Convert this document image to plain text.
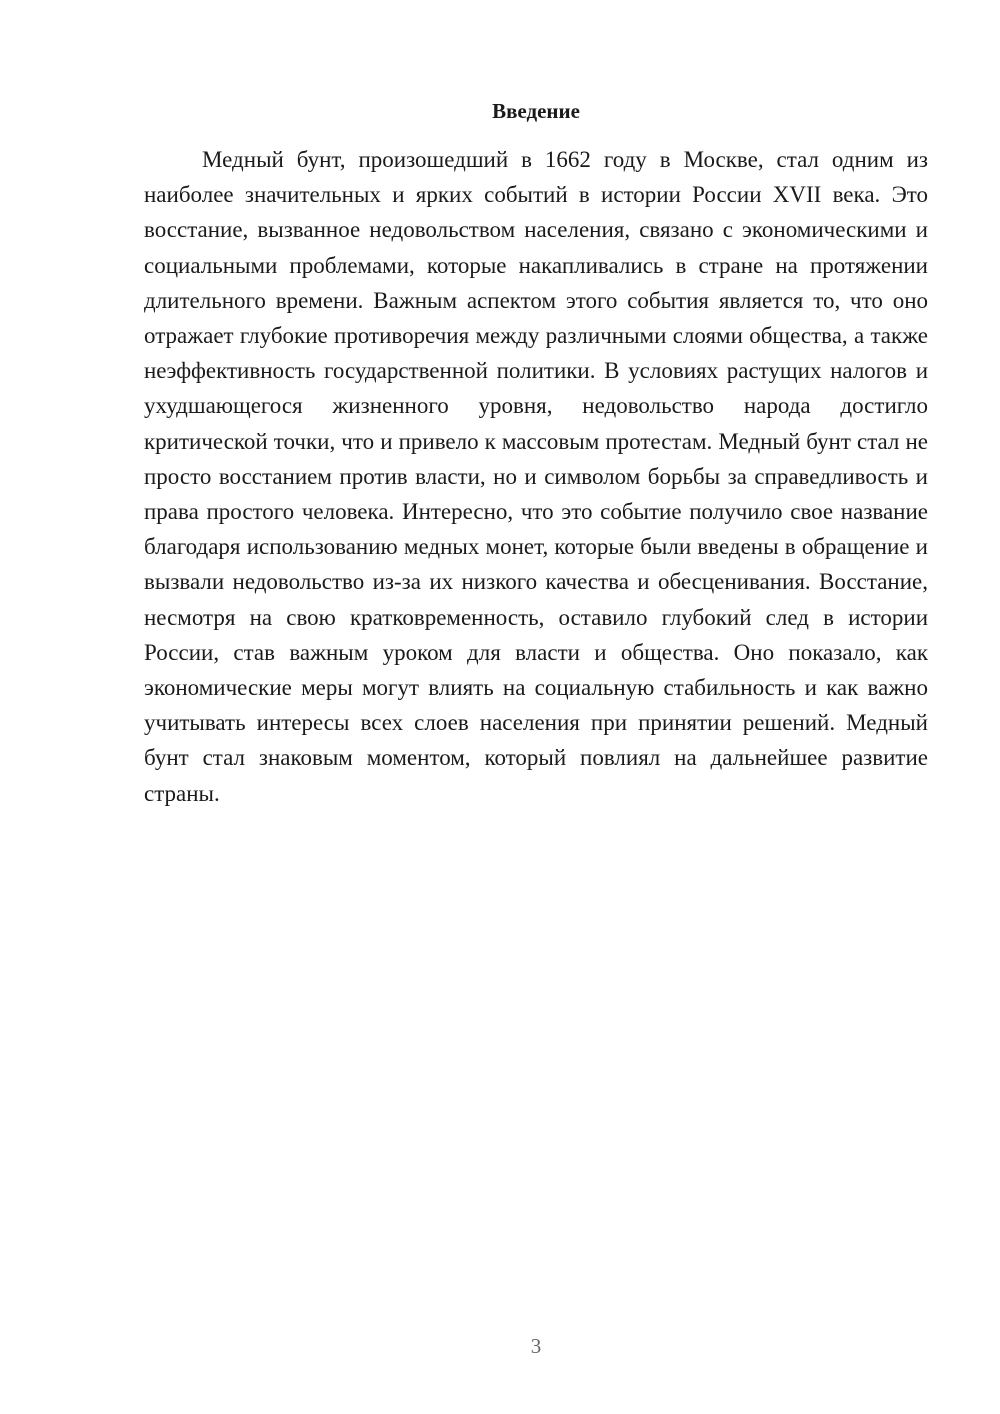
Введение

Медный бунт, произошедший в 1662 году в Москве, стал одним из наиболее значительных и ярких событий в истории России XVII века. Это восстание, вызванное недовольством населения, связано с экономическими и социальными проблемами, которые накапливались в стране на протяжении длительного времени. Важным аспектом этого события является то, что оно отражает глубокие противоречия между различными слоями общества, а также неэффективность государственной политики. В условиях растущих налогов и ухудшающегося жизненного уровня, недовольство народа достигло критической точки, что и привело к массовым протестам. Медный бунт стал не просто восстанием против власти, но и символом борьбы за справедливость и права простого человека. Интересно, что это событие получило свое название благодаря использованию медных монет, которые были введены в обращение и вызвали недовольство из-за их низкого качества и обесценивания. Восстание, несмотря на свою кратковременность, оставило глубокий след в истории России, став важным уроком для власти и общества. Оно показало, как экономические меры могут влиять на социальную стабильность и как важно учитывать интересы всех слоев населения при принятии решений. Медный бунт стал знаковым моментом, который повлиял на дальнейшее развитие страны.

3
